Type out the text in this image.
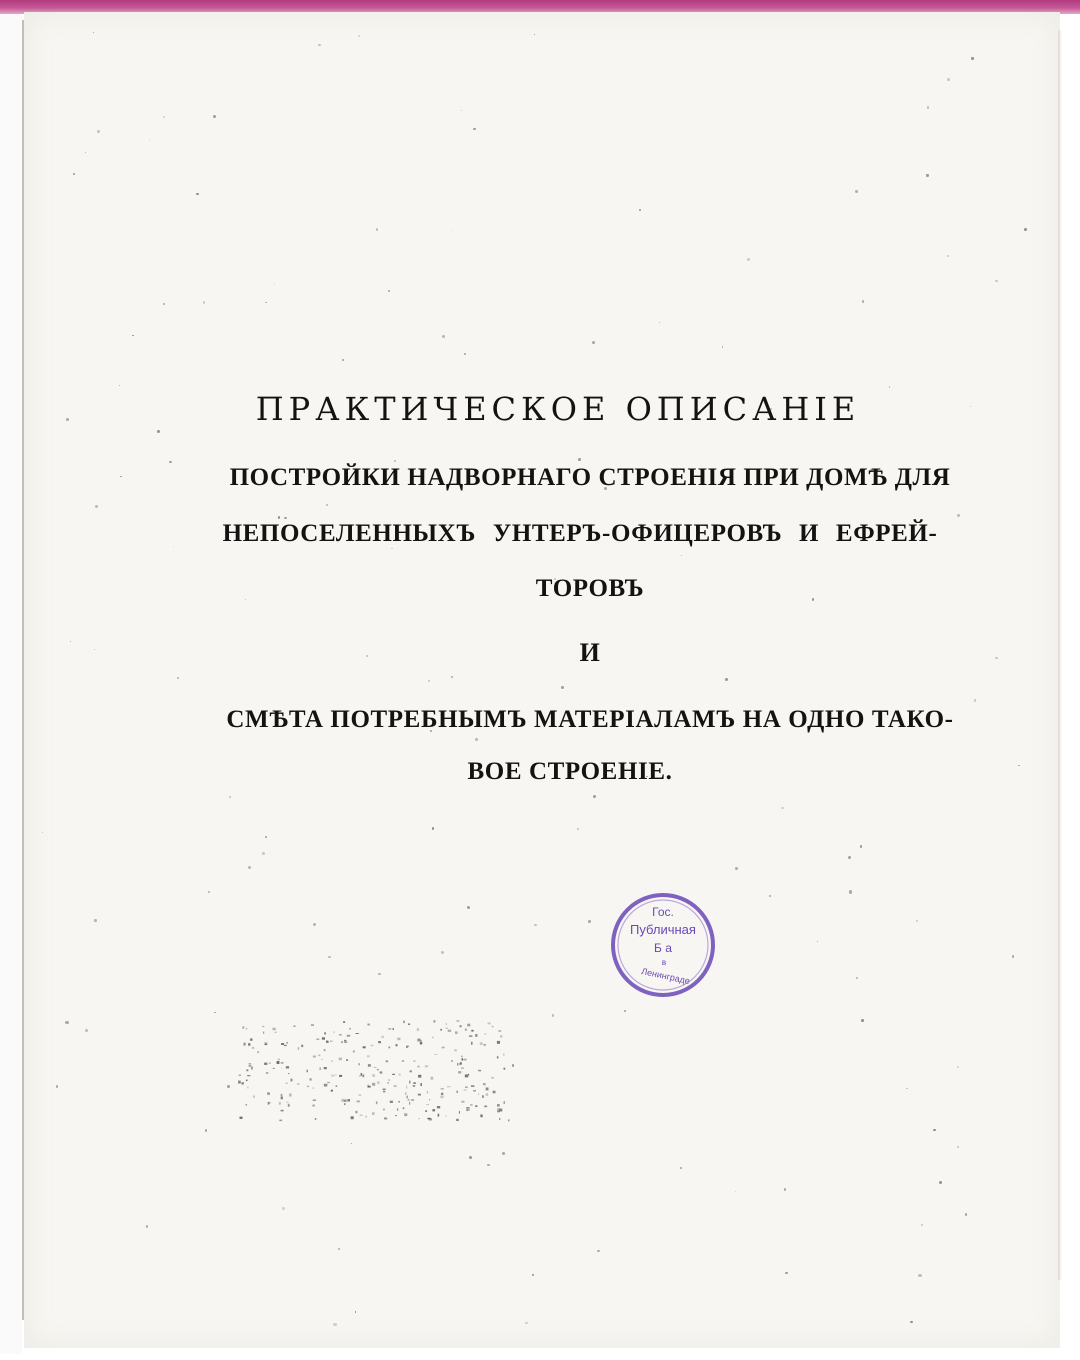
ПРАКТИЧЕСКОЕ ОПИСАНІЕ
ПОСТРОЙКИ НАДВОРНАГО СТРОЕНІЯ ПРИ ДОМѢ ДЛЯ
НЕПОСЕЛЕННЫХЪ УНТЕРЪ-ОФИЦЕРОВЪ И ЕФРЕЙ-
ТОРОВЪ
И
СМѢТА ПОТРЕБНЫМЪ МАТЕРІАЛАМЪ НА ОДНО ТАКО-
ВОЕ СТРОЕНІЕ.
Гос.
Публичная
Б а
в
Ленинграде
